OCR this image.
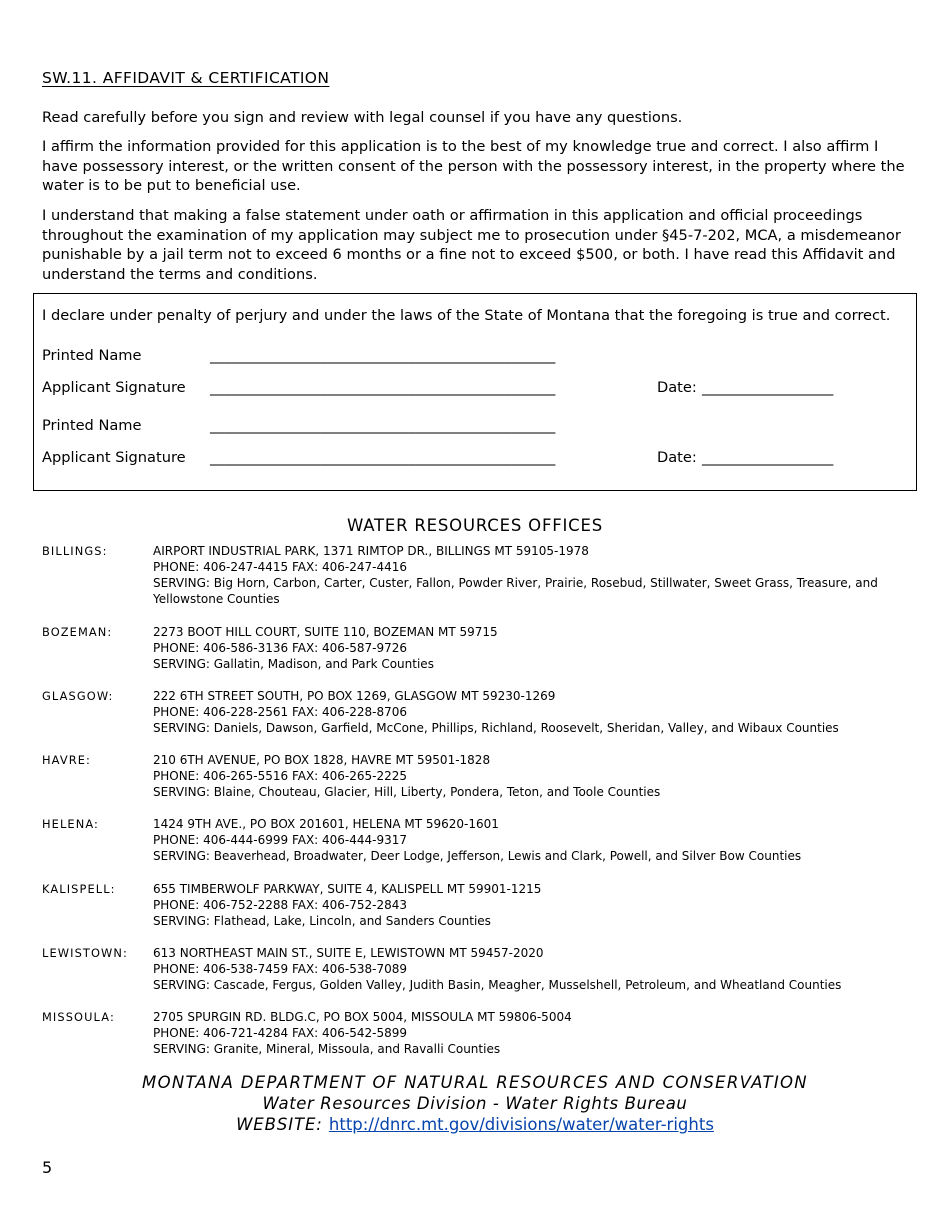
SW.11. AFFIDAVIT & CERTIFICATION

Read carefully before you sign and review with legal counsel if you have any questions.

I affirm the information provided for this application is to the best of my knowledge true and correct. I also affirm I have possessory interest, or the written consent of the person with the possessory interest, in the property where the water is to be put to beneficial use.

I understand that making a false statement under oath or affirmation in this application and official proceedings throughout the examination of my application may subject me to prosecution under §45-7-202, MCA, a misdemeanor punishable by a jail term not to exceed 6 months or a fine not to exceed $500, or both. I have read this Affidavit and understand the terms and conditions.

I declare under penalty of perjury and under the laws of the State of Montana that the foregoing is true and correct.
Printed Name	_______________________________________________
Applicant Signature _______________________________________________	Date: __________________
Printed Name	_______________________________________________
Applicant Signature _______________________________________________	Date: __________________
WATER RESOURCES OFFICES
BILLINGS:	AIRPORT INDUSTRIAL PARK, 1371 RIMTOP DR., BILLINGS MT 59105-1978
PHONE: 406-247-4415 FAX: 406-247-4416
SERVING: Big Horn, Carbon, Carter, Custer, Fallon, Powder River, Prairie, Rosebud, Stillwater, Sweet Grass, Treasure, and Yellowstone Counties
BOZEMAN:	2273 BOOT HILL COURT, SUITE 110, BOZEMAN MT 59715
PHONE: 406-586-3136 FAX: 406-587-9726
SERVING: Gallatin, Madison, and Park Counties
GLASGOW:	222 6TH STREET SOUTH, PO BOX 1269, GLASGOW MT 59230-1269
PHONE: 406-228-2561 FAX: 406-228-8706
SERVING: Daniels, Dawson, Garfield, McCone, Phillips, Richland, Roosevelt, Sheridan, Valley, and Wibaux Counties
HAVRE:	210 6TH AVENUE, PO BOX 1828, HAVRE MT 59501-1828
PHONE: 406-265-5516 FAX: 406-265-2225
SERVING: Blaine, Chouteau, Glacier, Hill, Liberty, Pondera, Teton, and Toole Counties
HELENA:	1424 9TH AVE., PO BOX 201601, HELENA MT 59620-1601
PHONE: 406-444-6999 FAX: 406-444-9317
SERVING: Beaverhead, Broadwater, Deer Lodge, Jefferson, Lewis and Clark, Powell, and Silver Bow Counties
KALISPELL:	655 TIMBERWOLF PARKWAY, SUITE 4, KALISPELL MT 59901-1215
PHONE: 406-752-2288 FAX: 406-752-2843
SERVING: Flathead, Lake, Lincoln, and Sanders Counties
LEWISTOWN: 613 NORTHEAST MAIN ST., SUITE E, LEWISTOWN MT 59457-2020
PHONE: 406-538-7459 FAX: 406-538-7089
SERVING: Cascade, Fergus, Golden Valley, Judith Basin, Meagher, Musselshell, Petroleum, and Wheatland Counties
MISSOULA:	2705 SPURGIN RD. BLDG.C, PO BOX 5004, MISSOULA MT 59806-5004
PHONE: 406-721-4284 FAX: 406-542-5899
SERVING: Granite, Mineral, Missoula, and Ravalli Counties
MONTANA DEPARTMENT OF NATURAL RESOURCES AND CONSERVATION
Water Resources Division - Water Rights Bureau
WEBSITE: http://dnrc.mt.gov/divisions/water/water-rights
5
